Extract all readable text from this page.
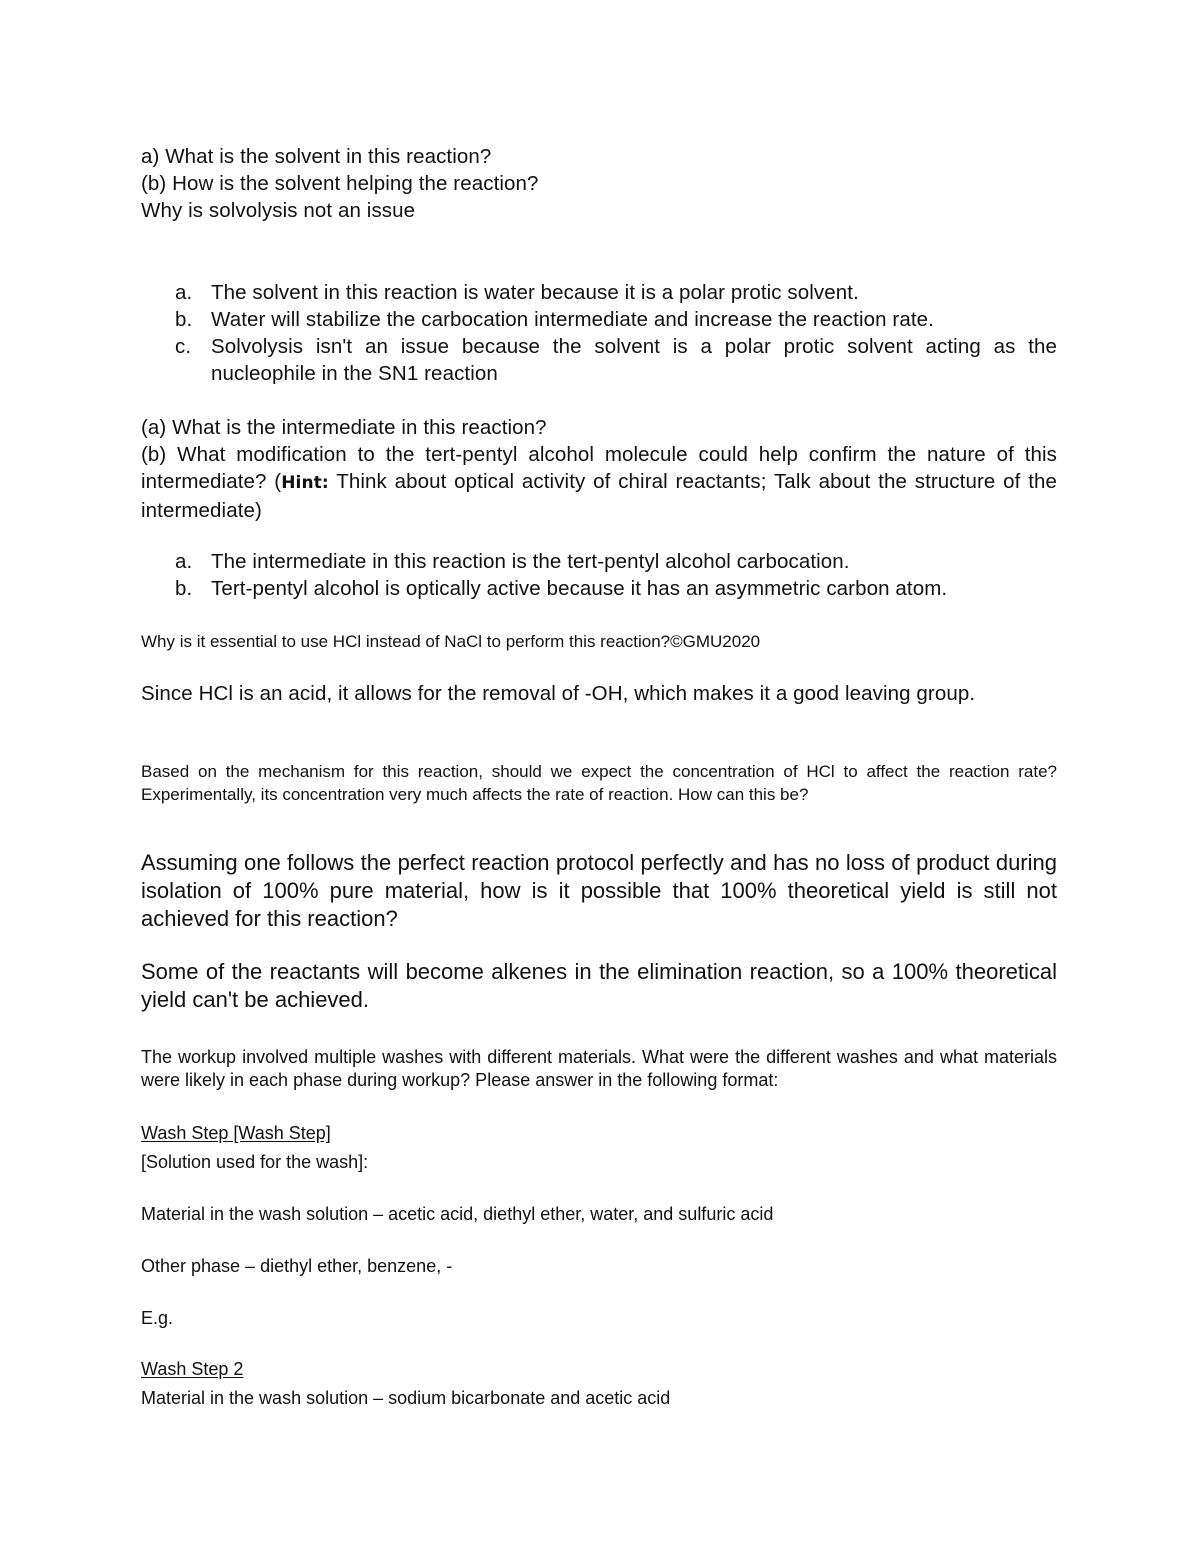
a) What is the solvent in this reaction?

(b) How is the solvent helping the reaction?

Why is solvolysis not an issue

a. The solvent in this reaction is water because it is a polar protic solvent.
b. Water will stabilize the carbocation intermediate and increase the reaction rate.
c. Solvolysis isn't an issue because the solvent is a polar protic solvent acting as the nucleophile in the SN1 reaction

(a) What is the intermediate in this reaction?

(b) What modification to the tert-pentyl alcohol molecule could help confirm the nature of this intermediate? (Hint: Think about optical activity of chiral reactants; Talk about the structure of the intermediate)

a. The intermediate in this reaction is the tert-pentyl alcohol carbocation.
b. Tert-pentyl alcohol is optically active because it has an asymmetric carbon atom.

Why is it essential to use HCl instead of NaCl to perform this reaction?©GMU2020

Since HCl is an acid, it allows for the removal of -OH, which makes it a good leaving group.

Based on the mechanism for this reaction, should we expect the concentration of HCl to affect the reaction rate? Experimentally, its concentration very much affects the rate of reaction. How can this be?

Assuming one follows the perfect reaction protocol perfectly and has no loss of product during isolation of 100% pure material, how is it possible that 100% theoretical yield is still not achieved for this reaction?

Some of the reactants will become alkenes in the elimination reaction, so a 100% theoretical yield can't be achieved.

The workup involved multiple washes with different materials. What were the different washes and what materials were likely in each phase during workup? Please answer in the following format:

Wash Step [Wash Step]

[Solution used for the wash]:

Material in the wash solution – acetic acid, diethyl ether, water, and sulfuric acid

Other phase – diethyl ether, benzene, -

E.g.

Wash Step 2

Material in the wash solution – sodium bicarbonate and acetic acid
